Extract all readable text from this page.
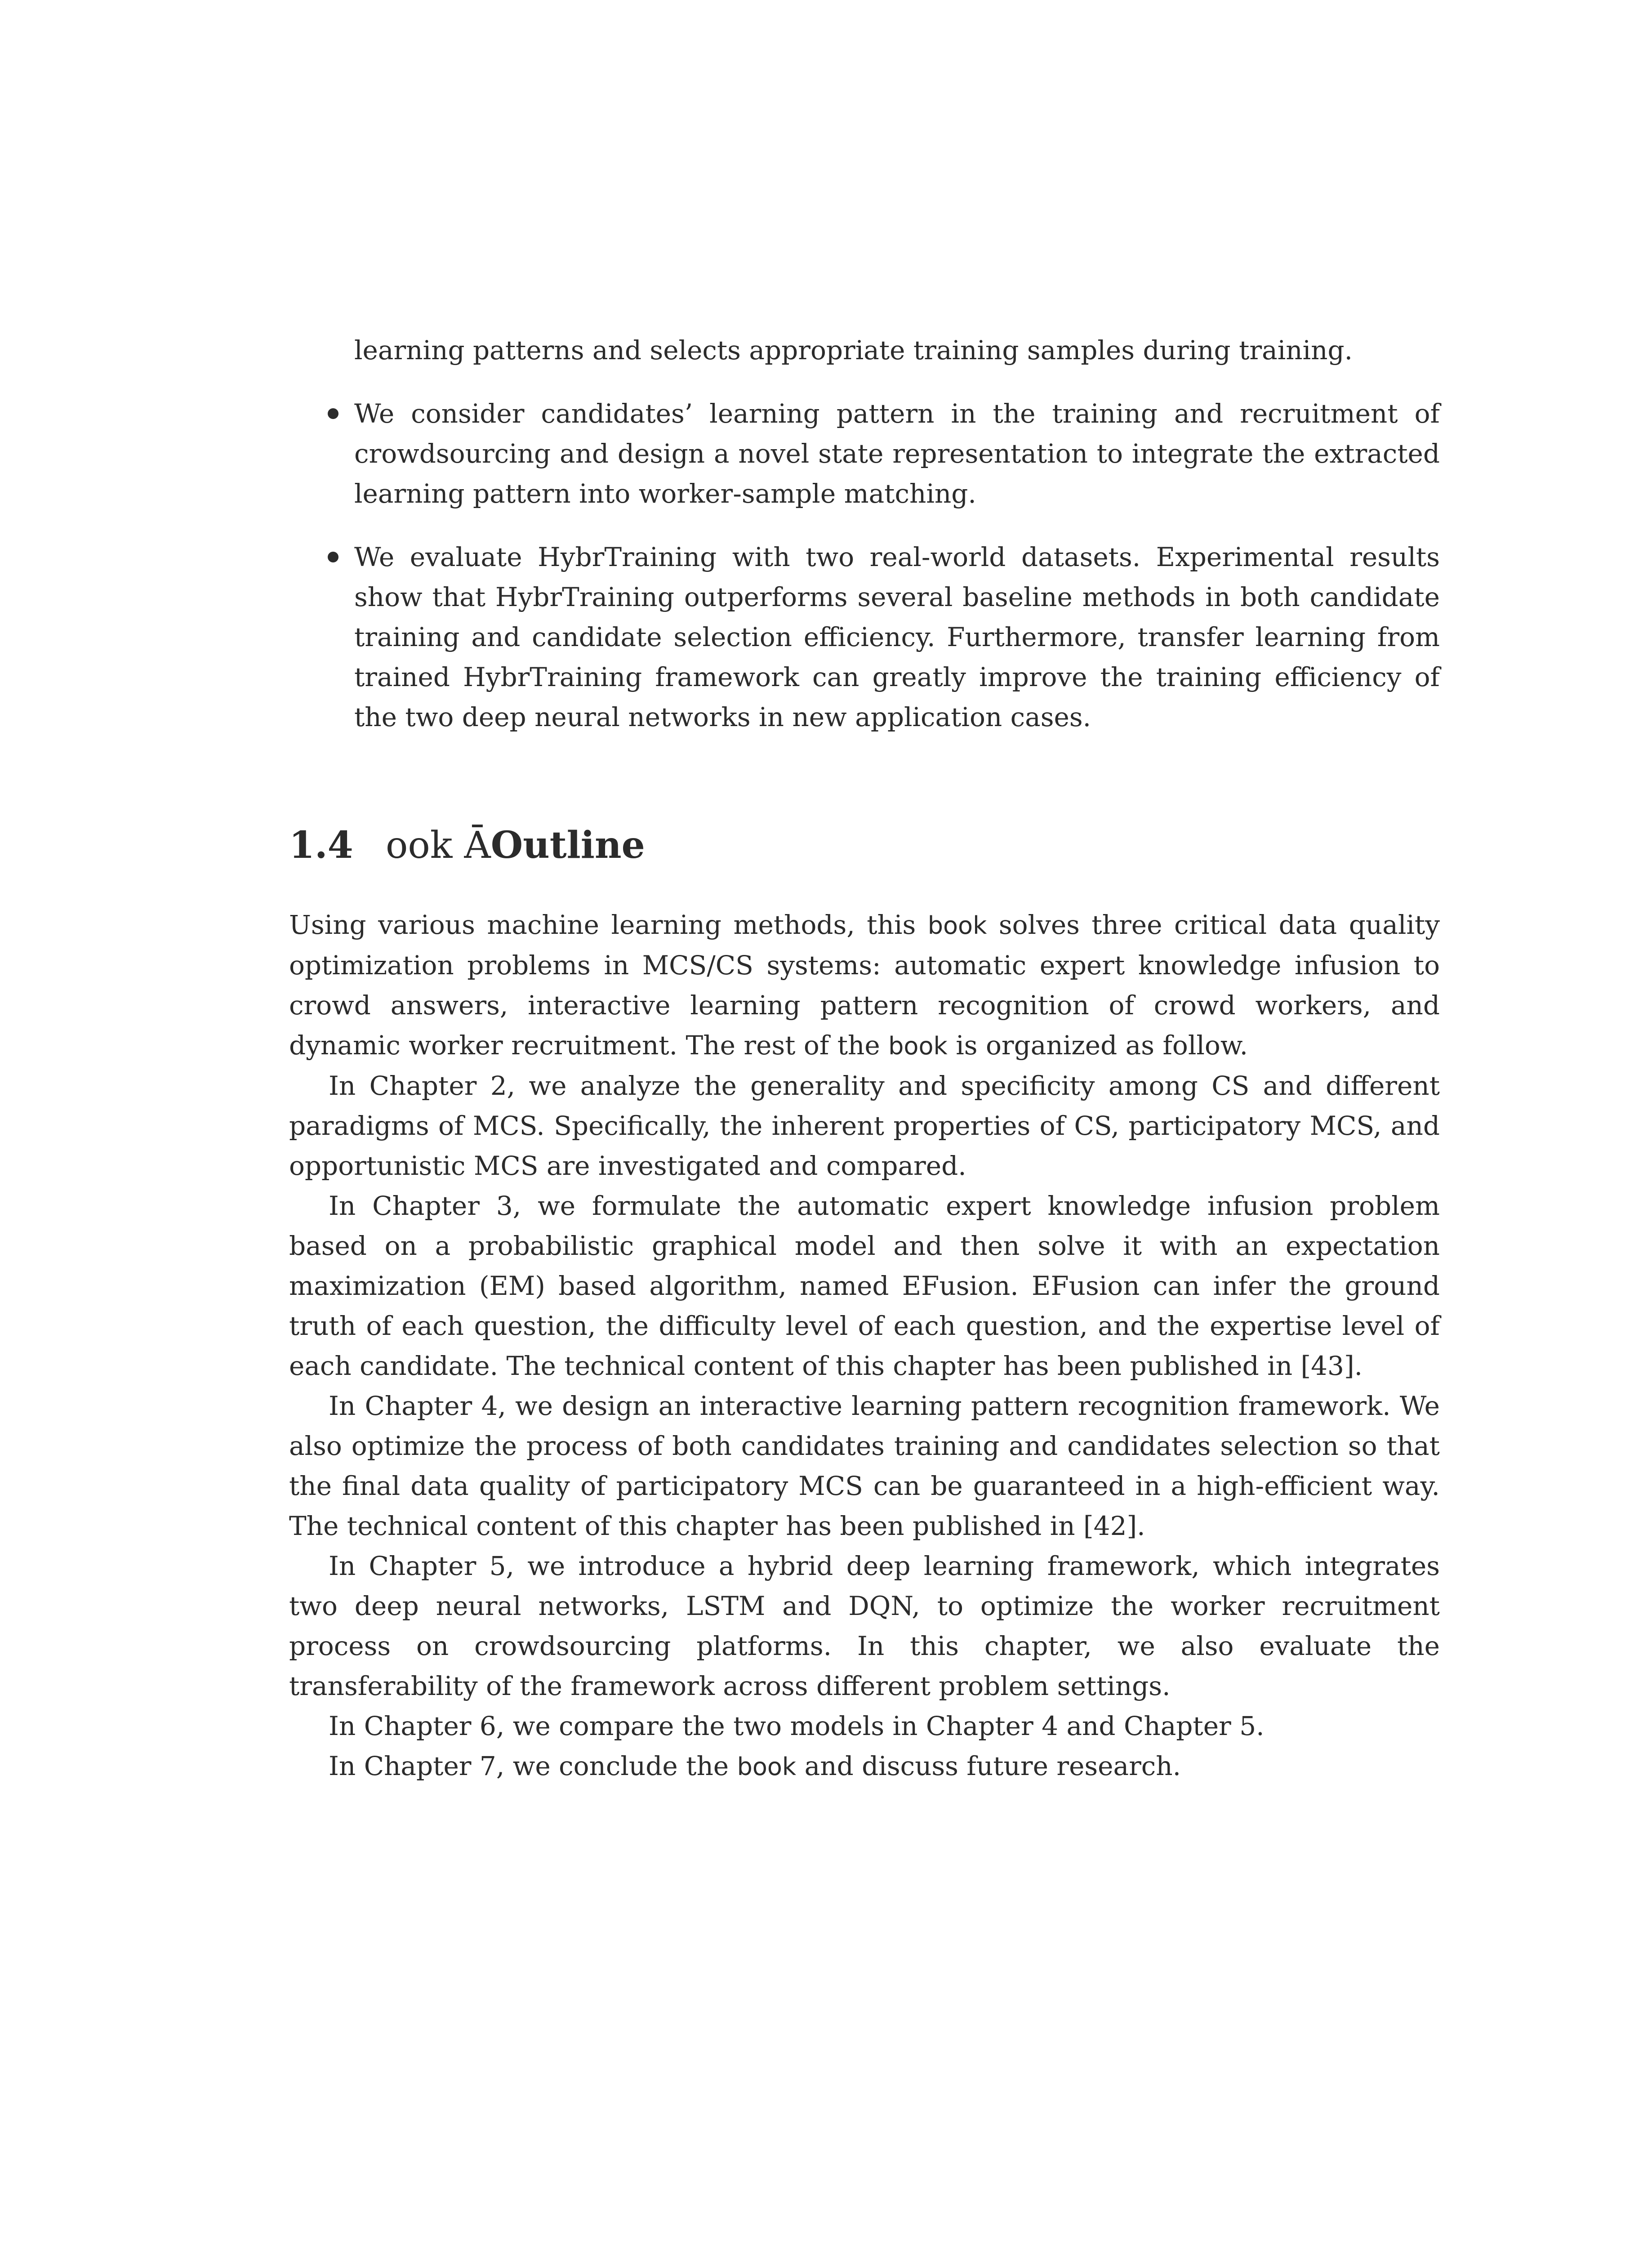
learning patterns and selects appropriate training samples during training.

We consider candidates’ learning pattern in the training and recruitment of crowdsourcing and design a novel state representation to integrate the extracted learning pattern into worker-sample matching.
We evaluate HybrTraining with two real-world datasets. Experimental results show that HybrTraining outperforms several baseline methods in both candidate training and candidate selection efficiency. Furthermore, transfer learning from trained HybrTraining framework can greatly improve the training efficiency of the two deep neural networks in new application cases.
1.4 ook ĀOutline

Using various machine learning methods, this book solves three critical data quality optimization problems in MCS/CS systems: automatic expert knowledge infusion to crowd answers, interactive learning pattern recognition of crowd workers, and dynamic worker recruitment. The rest of the book is organized as follow.

In Chapter 2, we analyze the generality and specificity among CS and different paradigms of MCS. Specifically, the inherent properties of CS, participatory MCS, and opportunistic MCS are investigated and compared.

In Chapter 3, we formulate the automatic expert knowledge infusion problem based on a probabilistic graphical model and then solve it with an expectation maximization (EM) based algorithm, named EFusion. EFusion can infer the ground truth of each question, the difficulty level of each question, and the expertise level of each candidate. The technical content of this chapter has been published in [43].

In Chapter 4, we design an interactive learning pattern recognition framework. We also optimize the process of both candidates training and candidates selection so that the final data quality of participatory MCS can be guaranteed in a high-efficient way. The technical content of this chapter has been published in [42].

In Chapter 5, we introduce a hybrid deep learning framework, which integrates two deep neural networks, LSTM and DQN, to optimize the worker recruitment process on crowdsourcing platforms. In this chapter, we also evaluate the transferability of the framework across different problem settings.

In Chapter 6, we compare the two models in Chapter 4 and Chapter 5.

In Chapter 7, we conclude the book and discuss future research.
